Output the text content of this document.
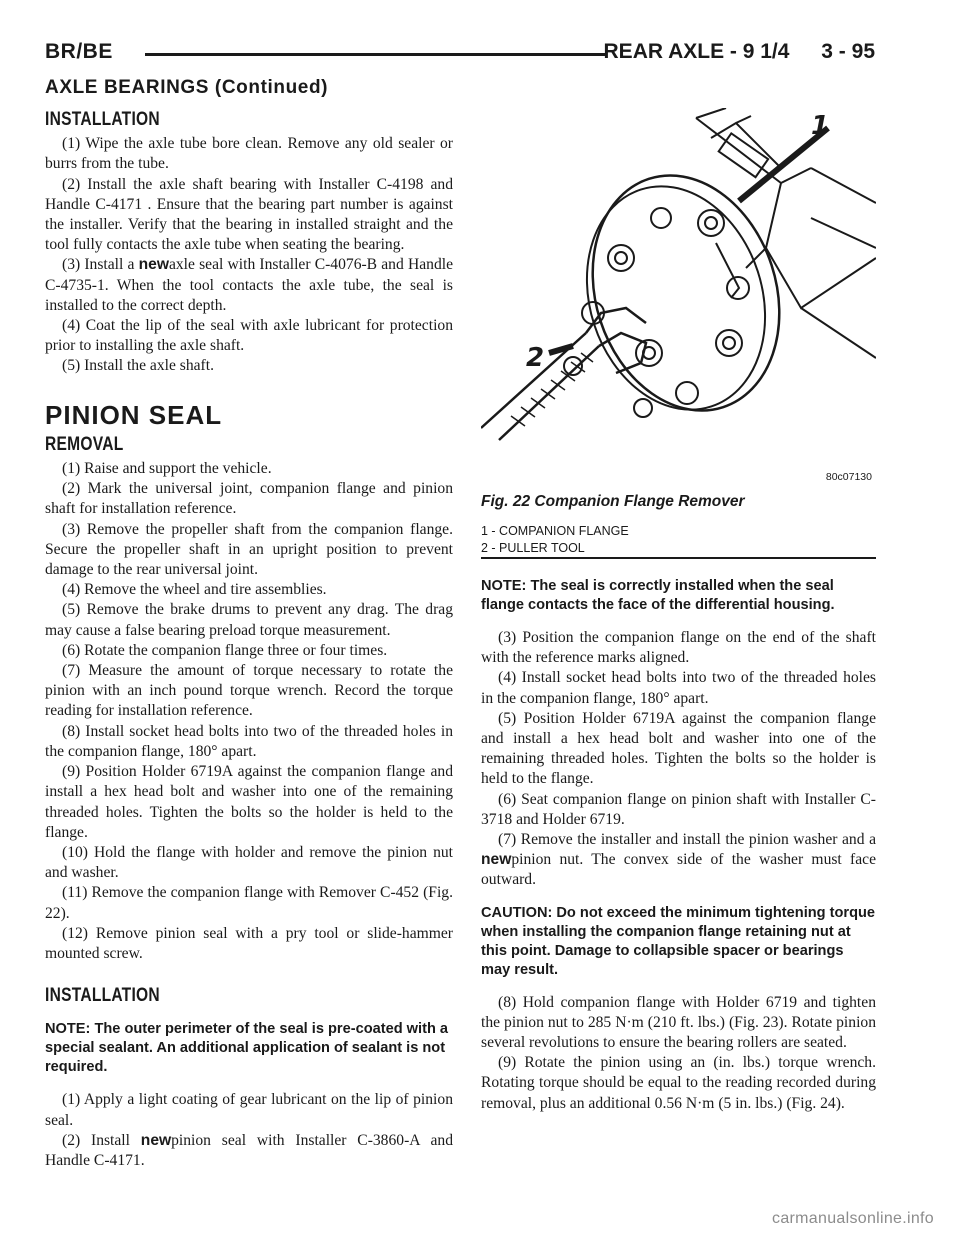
BR/BE	REAR AXLE - 9 1/4 3 - 95
AXLE BEARINGS (Continued)
INSTALLATION

(1) Wipe the axle tube bore clean. Remove any old sealer or burrs from the tube.

(2) Install the axle shaft bearing with Installer C-4198 and Handle C-4171 . Ensure that the bearing part number is against the installer. Verify that the bearing in installed straight and the tool fully contacts the axle tube when seating the bearing.

(3) Install a newaxle seal with Installer C-4076-B and Handle C-4735-1. When the tool contacts the axle tube, the seal is installed to the correct depth.

(4) Coat the lip of the seal with axle lubricant for protection prior to installing the axle shaft.

(5) Install the axle shaft.

PINION SEAL
REMOVAL

(1) Raise and support the vehicle.

(2) Mark the universal joint, companion flange and pinion shaft for installation reference.

(3) Remove the propeller shaft from the companion flange. Secure the propeller shaft in an upright position to prevent damage to the rear universal joint.

(4) Remove the wheel and tire assemblies.

(5) Remove the brake drums to prevent any drag. The drag may cause a false bearing preload torque measurement.

(6) Rotate the companion flange three or four times.

(7) Measure the amount of torque necessary to rotate the pinion with an inch pound torque wrench. Record the torque reading for installation reference.

(8) Install socket head bolts into two of the threaded holes in the companion flange, 180° apart.

(9) Position Holder 6719A against the companion flange and install a hex head bolt and washer into one of the remaining threaded holes. Tighten the bolts so the holder is held to the flange.

(10) Hold the flange with holder and remove the pinion nut and washer.

(11) Remove the companion flange with Remover C-452 (Fig. 22).

(12) Remove pinion seal with a pry tool or slide-hammer mounted screw.

INSTALLATION

NOTE: The outer perimeter of the seal is pre-coated with a special sealant. An additional application of sealant is not required.

(1) Apply a light coating of gear lubricant on the lip of pinion seal.

(2) Install newpinion seal with Installer C-3860-A and Handle C-4171.

1
2
80c07130
Fig. 22 Companion Flange Remover
1 - COMPANION FLANGE
2 - PULLER TOOL

NOTE: The seal is correctly installed when the seal flange contacts the face of the differential housing.

(3) Position the companion flange on the end of the shaft with the reference marks aligned.

(4) Install socket head bolts into two of the threaded holes in the companion flange, 180° apart.

(5) Position Holder 6719A against the companion flange and install a hex head bolt and washer into one of the remaining threaded holes. Tighten the bolts so the holder is held to the flange.

(6) Seat companion flange on pinion shaft with Installer C-3718 and Holder 6719.

(7) Remove the installer and install the pinion washer and a newpinion nut. The convex side of the washer must face outward.

CAUTION: Do not exceed the minimum tightening torque when installing the companion flange retaining nut at this point. Damage to collapsible spacer or bearings may result.

(8) Hold companion flange with Holder 6719 and tighten the pinion nut to 285 N·m (210 ft. lbs.) (Fig. 23). Rotate pinion several revolutions to ensure the bearing rollers are seated.

(9) Rotate the pinion using an (in. lbs.) torque wrench. Rotating torque should be equal to the reading recorded during removal, plus an additional 0.56 N·m (5 in. lbs.) (Fig. 24).

carmanualsonline.info
